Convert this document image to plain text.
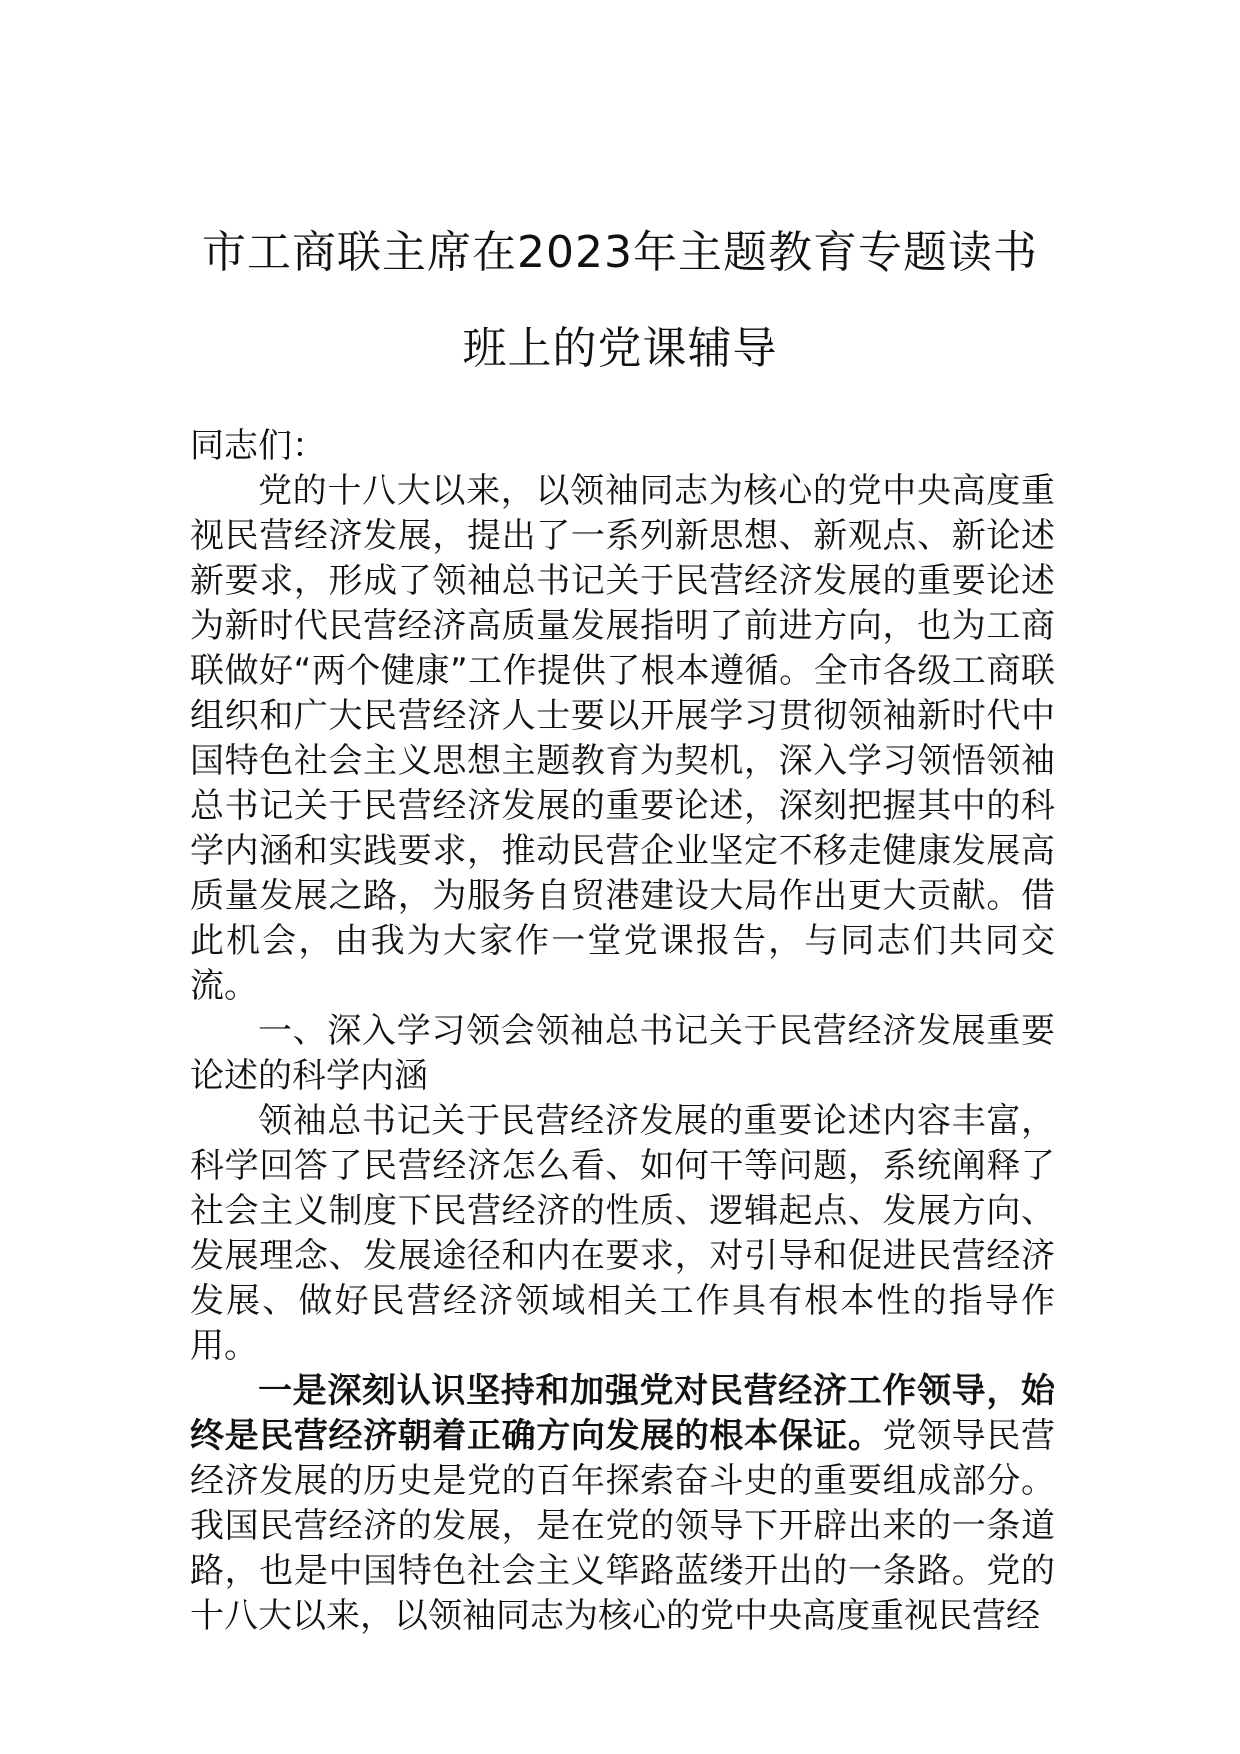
市工商联主席在2023年主题教育专题读书
班上的党课辅导

同志们：

党的十八大以来，以领袖同志为核心的党中央高度重视民营经济发展，提出了一系列新思想、新观点、新论述新要求，形成了领袖总书记关于民营经济发展的重要论述为新时代民营经济高质量发展指明了前进方向，也为工商联做好“两个健康”工作提供了根本遵循。全市各级工商联组织和广大民营经济人士要以开展学习贯彻领袖新时代中国特色社会主义思想主题教育为契机，深入学习领悟领袖总书记关于民营经济发展的重要论述，深刻把握其中的科学内涵和实践要求，推动民营企业坚定不移走健康发展高质量发展之路，为服务自贸港建设大局作出更大贡献。借此机会，由我为大家作一堂党课报告，与同志们共同交流。

一、深入学习领会领袖总书记关于民营经济发展重要论述的科学内涵

领袖总书记关于民营经济发展的重要论述内容丰富，科学回答了民营经济怎么看、如何干等问题，系统阐释了社会主义制度下民营经济的性质、逻辑起点、发展方向、发展理念、发展途径和内在要求，对引导和促进民营经济发展、做好民营经济领域相关工作具有根本性的指导作用。

一是深刻认识坚持和加强党对民营经济工作领导，始终是民营经济朝着正确方向发展的根本保证。党领导民营经济发展的历史是党的百年探索奋斗史的重要组成部分。我国民营经济的发展，是在党的领导下开辟出来的一条道路，也是中国特色社会主义筚路蓝缕开出的一条路。党的十八大以来，以领袖同志为核心的党中央高度重视民营经
